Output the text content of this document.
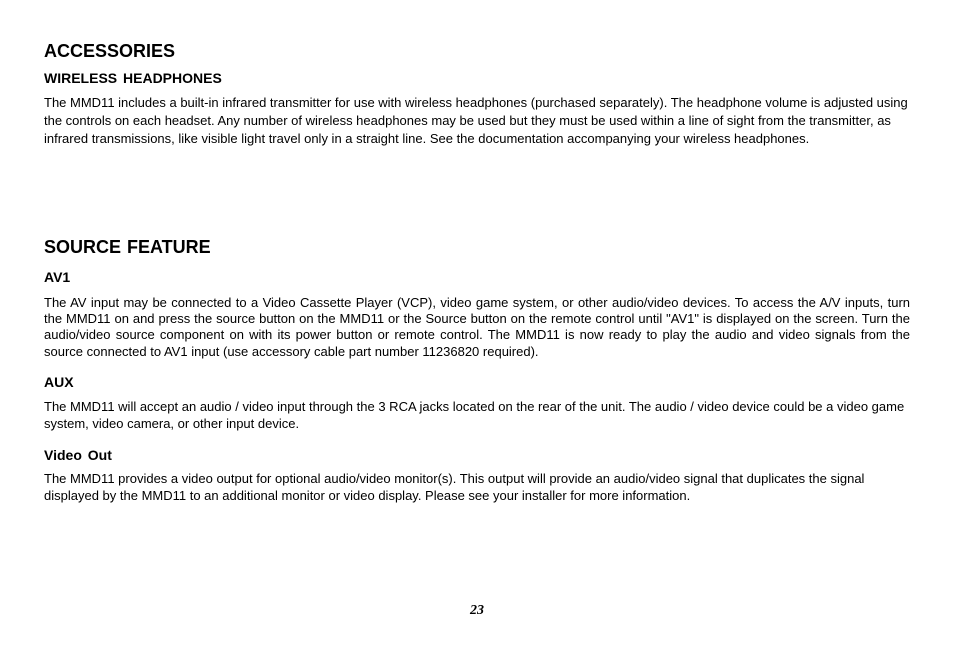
ACCESSORIES
WIRELESS HEADPHONES

The MMD11 includes a built-in infrared transmitter for use with wireless headphones (purchased separately). The headphone volume is adjusted using the controls on each headset. Any number of wireless headphones may be used but they must be used within a line of sight from the transmitter, as infrared transmissions, like visible light travel only in a straight line. See the documentation accompanying your wireless headphones.

SOURCE FEATURE
AV1

The AV input may be connected to a Video Cassette Player (VCP), video game system, or other audio/video devices. To access the A/V inputs, turn the MMD11 on and press the source button on the MMD11 or the Source button on the remote control until "AV1" is displayed on the screen. Turn the audio/video source component on with its power button or remote control. The MMD11 is now ready to play the audio and video signals from the source connected to AV1 input (use accessory cable part number 11236820 required).

AUX

The MMD11 will accept an audio / video input through the 3 RCA jacks located on the rear of the unit. The audio / video device could be a video game system, video camera, or other input device.

Video Out

The MMD11 provides a video output for optional audio/video monitor(s). This output will provide an audio/video signal that duplicates the signal displayed by the MMD11 to an additional monitor or video display. Please see your installer for more information.

23
